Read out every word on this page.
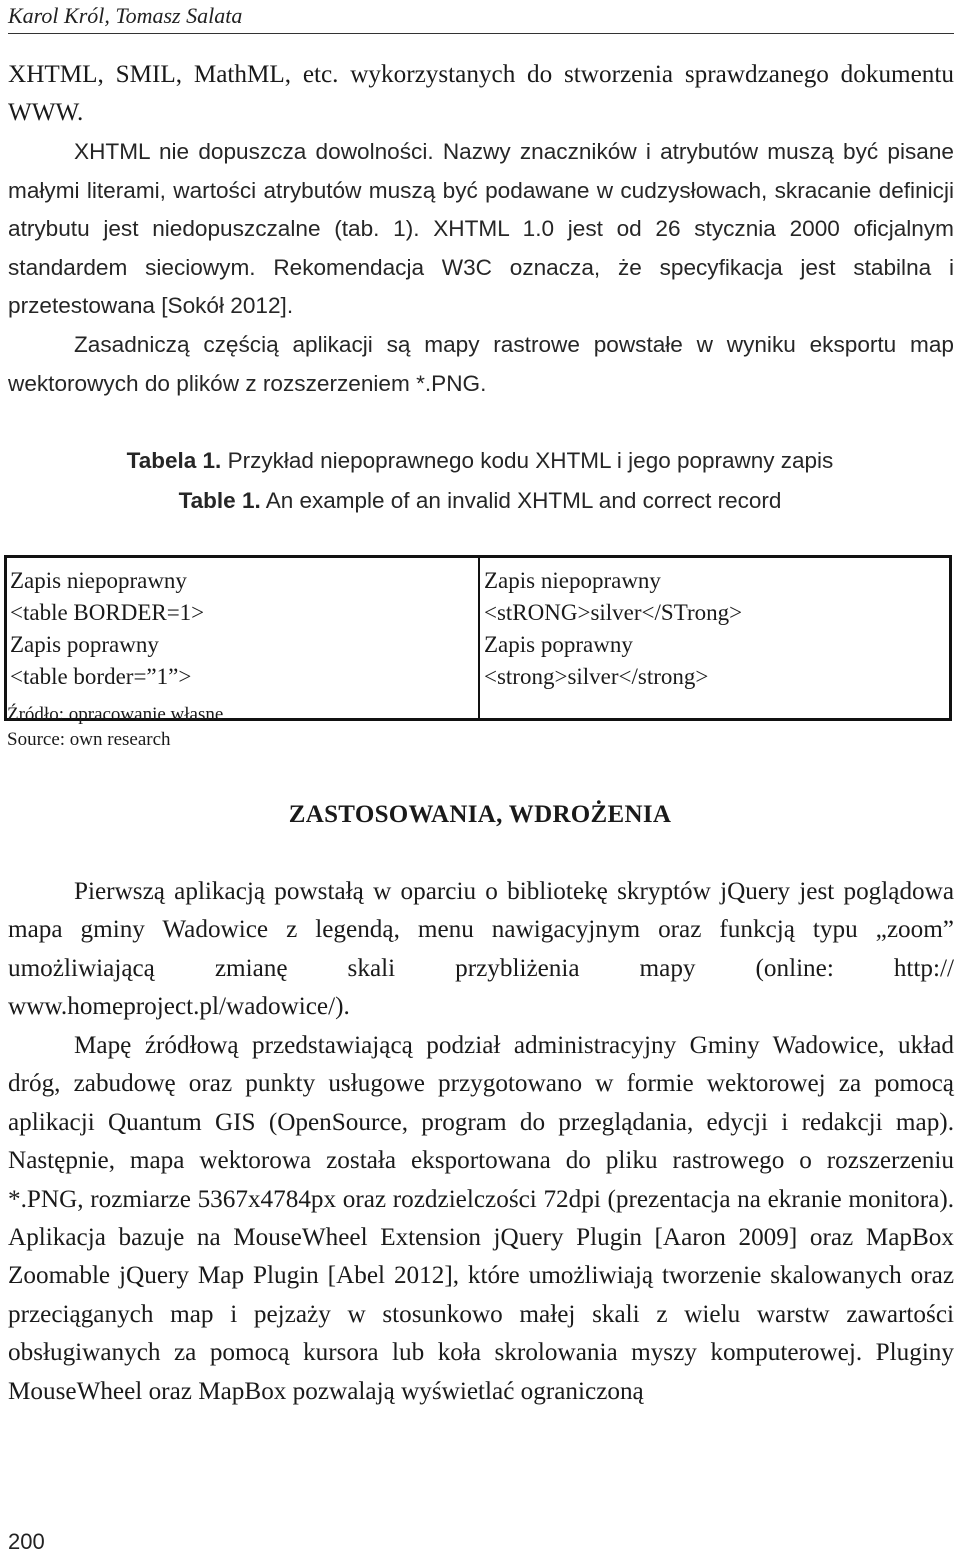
Karol Król, Tomasz Salata

XHTML, SMIL, MathML, etc. wykorzystanych do stworzenia sprawdzanego dokumentu WWW.

XHTML nie dopuszcza dowolności. Nazwy znaczników i atrybutów muszą być pisane małymi literami, wartości atrybutów muszą być podawane w cudzysłowach, skracanie definicji atrybutu jest niedopuszczalne (tab. 1). XHTML 1.0 jest od 26 stycznia 2000 oficjalnym standardem sieciowym. Rekomendacja W3C oznacza, że specyfikacja jest stabilna i przetestowana [Sokół 2012].

Zasadniczą częścią aplikacji są mapy rastrowe powstałe w wyniku eksportu map wektorowych do plików z rozszerzeniem *.PNG.

Tabela 1. Przykład niepoprawnego kodu XHTML i jego poprawny zapis
Table 1. An example of an invalid XHTML and correct record
Zapis niepoprawny
<table BORDER=1>
Zapis poprawny
<table border=”1”>
Zapis niepoprawny
<stRONG>silver</STrong>
Zapis poprawny
<strong>silver</strong>
Źródło: opracowanie własne
Source: own research
ZASTOSOWANIA, WDROŻENIA

Pierwszą aplikacją powstałą w oparciu o bibliotekę skryptów jQuery jest poglądowa mapa gminy Wadowice z legendą, menu nawigacyjnym oraz funkcją typu „zoom” umożliwiającą zmianę skali przybliżenia mapy (online: http:// www.homeproject.pl/wadowice/).

Mapę źródłową przedstawiającą podział administracyjny Gminy Wadowice, układ dróg, zabudowę oraz punkty usługowe przygotowano w formie wektorowej za pomocą aplikacji Quantum GIS (OpenSource, program do przeglądania, edycji i redakcji map). Następnie, mapa wektorowa została eksportowana do pliku rastrowego o rozszerzeniu *.PNG, rozmiarze 5367x4784px oraz rozdzielczości 72dpi (prezentacja na ekranie monitora). Aplikacja bazuje na MouseWheel Extension jQuery Plugin [Aaron 2009] oraz MapBox Zoomable jQuery Map Plugin [Abel 2012], które umożliwiają tworzenie skalowanych oraz przeciąganych map i pejzaży w stosunkowo małej skali z wielu warstw zawartości obsługiwanych za pomocą kursora lub koła skrolowania myszy komputerowej. Pluginy MouseWheel oraz MapBox pozwalają wyświetlać ograniczoną

200
